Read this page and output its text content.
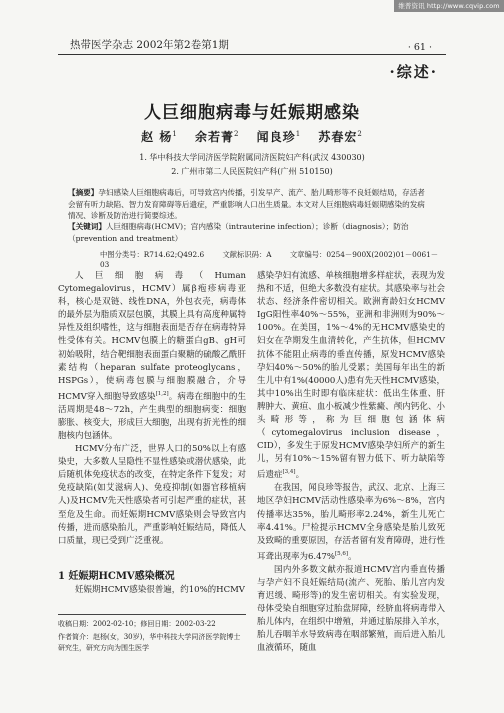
维普资讯 http://www.cqvip.com
热带医学杂志 2002年第2卷第1期	· 61 ·
·综述·
人巨细胞病毒与妊娠期感染
赵 杨$^1$ 余若菁$^2$ 闻良珍$^1$ 苏春宏$^2$
1. 华中科技大学同济医学院附属同济医院妇产科(武汉 430030)
2. 广州市第二人民医院妇产科(广州 510150)
【摘要】孕妇感染人巨细胞病毒后，可导致宫内传播，引发早产、流产、胎儿畸形等不良妊娠结局，存活者会留有听力缺陷、智力发育障碍等后遗症，严重影响人口出生质量。本文对人巨细胞病毒妊娠期感染的发病情况、诊断及防治进行简要综述。
【关键词】人巨细胞病毒(HCMV)；宫内感染（intrauterine infection）；诊断（diagnosis）；防治（prevention and treatment）
中图分类号：R714.62;Q492.6	文献标识码：A	文章编号：0254－900X(2002)01－0061－03

人巨细胞病毒（Human Cytomegalovirus，HCMV）属β疱疹病毒亚科，核心是双链、线性DNA，外包衣壳，病毒体的最外层为脂质双层包膜，其膜上具有高度种属特异性及组织嗜性，这与细胞表面是否存在病毒特异性受体有关。HCMV包膜上的糖蛋白gB、gH可初始吸附，结合靶细胞表面蛋白聚糖的硫酸乙酰肝素结构（heparan sulfate proteoglycans，HSPGs），使病毒包膜与细胞膜融合，介导HCMV穿入细胞导致感染[1,2]。病毒在细胞中的生活周期是48～72h，产生典型的细胞病变：细胞膨胀、核变大，形成巨大细胞，出现有折光性的细胞核内包涵体。

HCMV分布广泛，世界人口的50%以上有感染史，大多数人呈隐性不显性感染或潜伏感染，此后随机体免疫状态的改变，在特定条件下复发；对免疫缺陷(如艾滋病人)、免疫抑制(如器官移植病人)及HCMV先天性感染者可引起严重的症状，甚至危及生命。而妊娠期HCMV感染则会导致宫内传播，进而感染胎儿，严重影响妊娠结局，降低人口质量，现已受到广泛重视。

1 妊娠期HCMV感染概况

妊娠期HCMV感染很普遍，约10%的HCMV

收稿日期：2002-02-10；修回日期：2002-03-22
作者简介：赵杨(女，30岁)，华中科技大学同济医学院博士研究生，研究方向为围生医学

感染孕妇有流感、单核细胞增多样症状，表现为发热和不适，但绝大多数没有症状。其感染率与社会状态、经济条件密切相关。欧洲育龄妇女HCMV IgG阳性率40%～55%，亚洲和非洲则为90%～100%。在美国，1%～4%的无HCMV感染史的妇女在孕期发生血清转化，产生抗体，但HCMV抗体不能阻止病毒的垂直传播，原发HCMV感染孕妇40%～50%的胎儿受累；美国每年出生的新生儿中有1%(40000人)患有先天性HCMV感染，其中10%出生时即有临床症状：低出生体重、肝脾肿大、黄疸、血小板减少性紫癜、颅内钙化、小头畸形等，称为巨细胞包涵体病（cytomegalovirus inclusion disease，CID），多发生于原发HCMV感染孕妇所产的新生儿，另有10%～15%留有智力低下、听力缺陷等后遗症[3,4]。

在我国，闻良珍等报告，武汉、北京、上海三地区孕妇HCMV活动性感染率为6%～8%，宫内传播率达35%，胎儿畸形率2.24%，新生儿死亡率4.41%。尸检提示HCMV全身感染是胎儿致死及致畸的重要原因，存活者留有发育障碍，进行性耳聋出现率为6.47%[5,6]。

国内外多数文献亦报道HCMV宫内垂直传播与孕产妇不良妊娠结局(流产、死胎、胎儿宫内发育迟缓、畸形等)的发生密切相关。有实验发现，母体受染自细胞穿过胎盘屏障，经脐血将病毒带入胎儿体内，在组织中增殖，并通过胎尿排入羊水，胎儿吞咽羊水导致病毒在咽部繁殖，而后进入胎儿血液循环，随血
